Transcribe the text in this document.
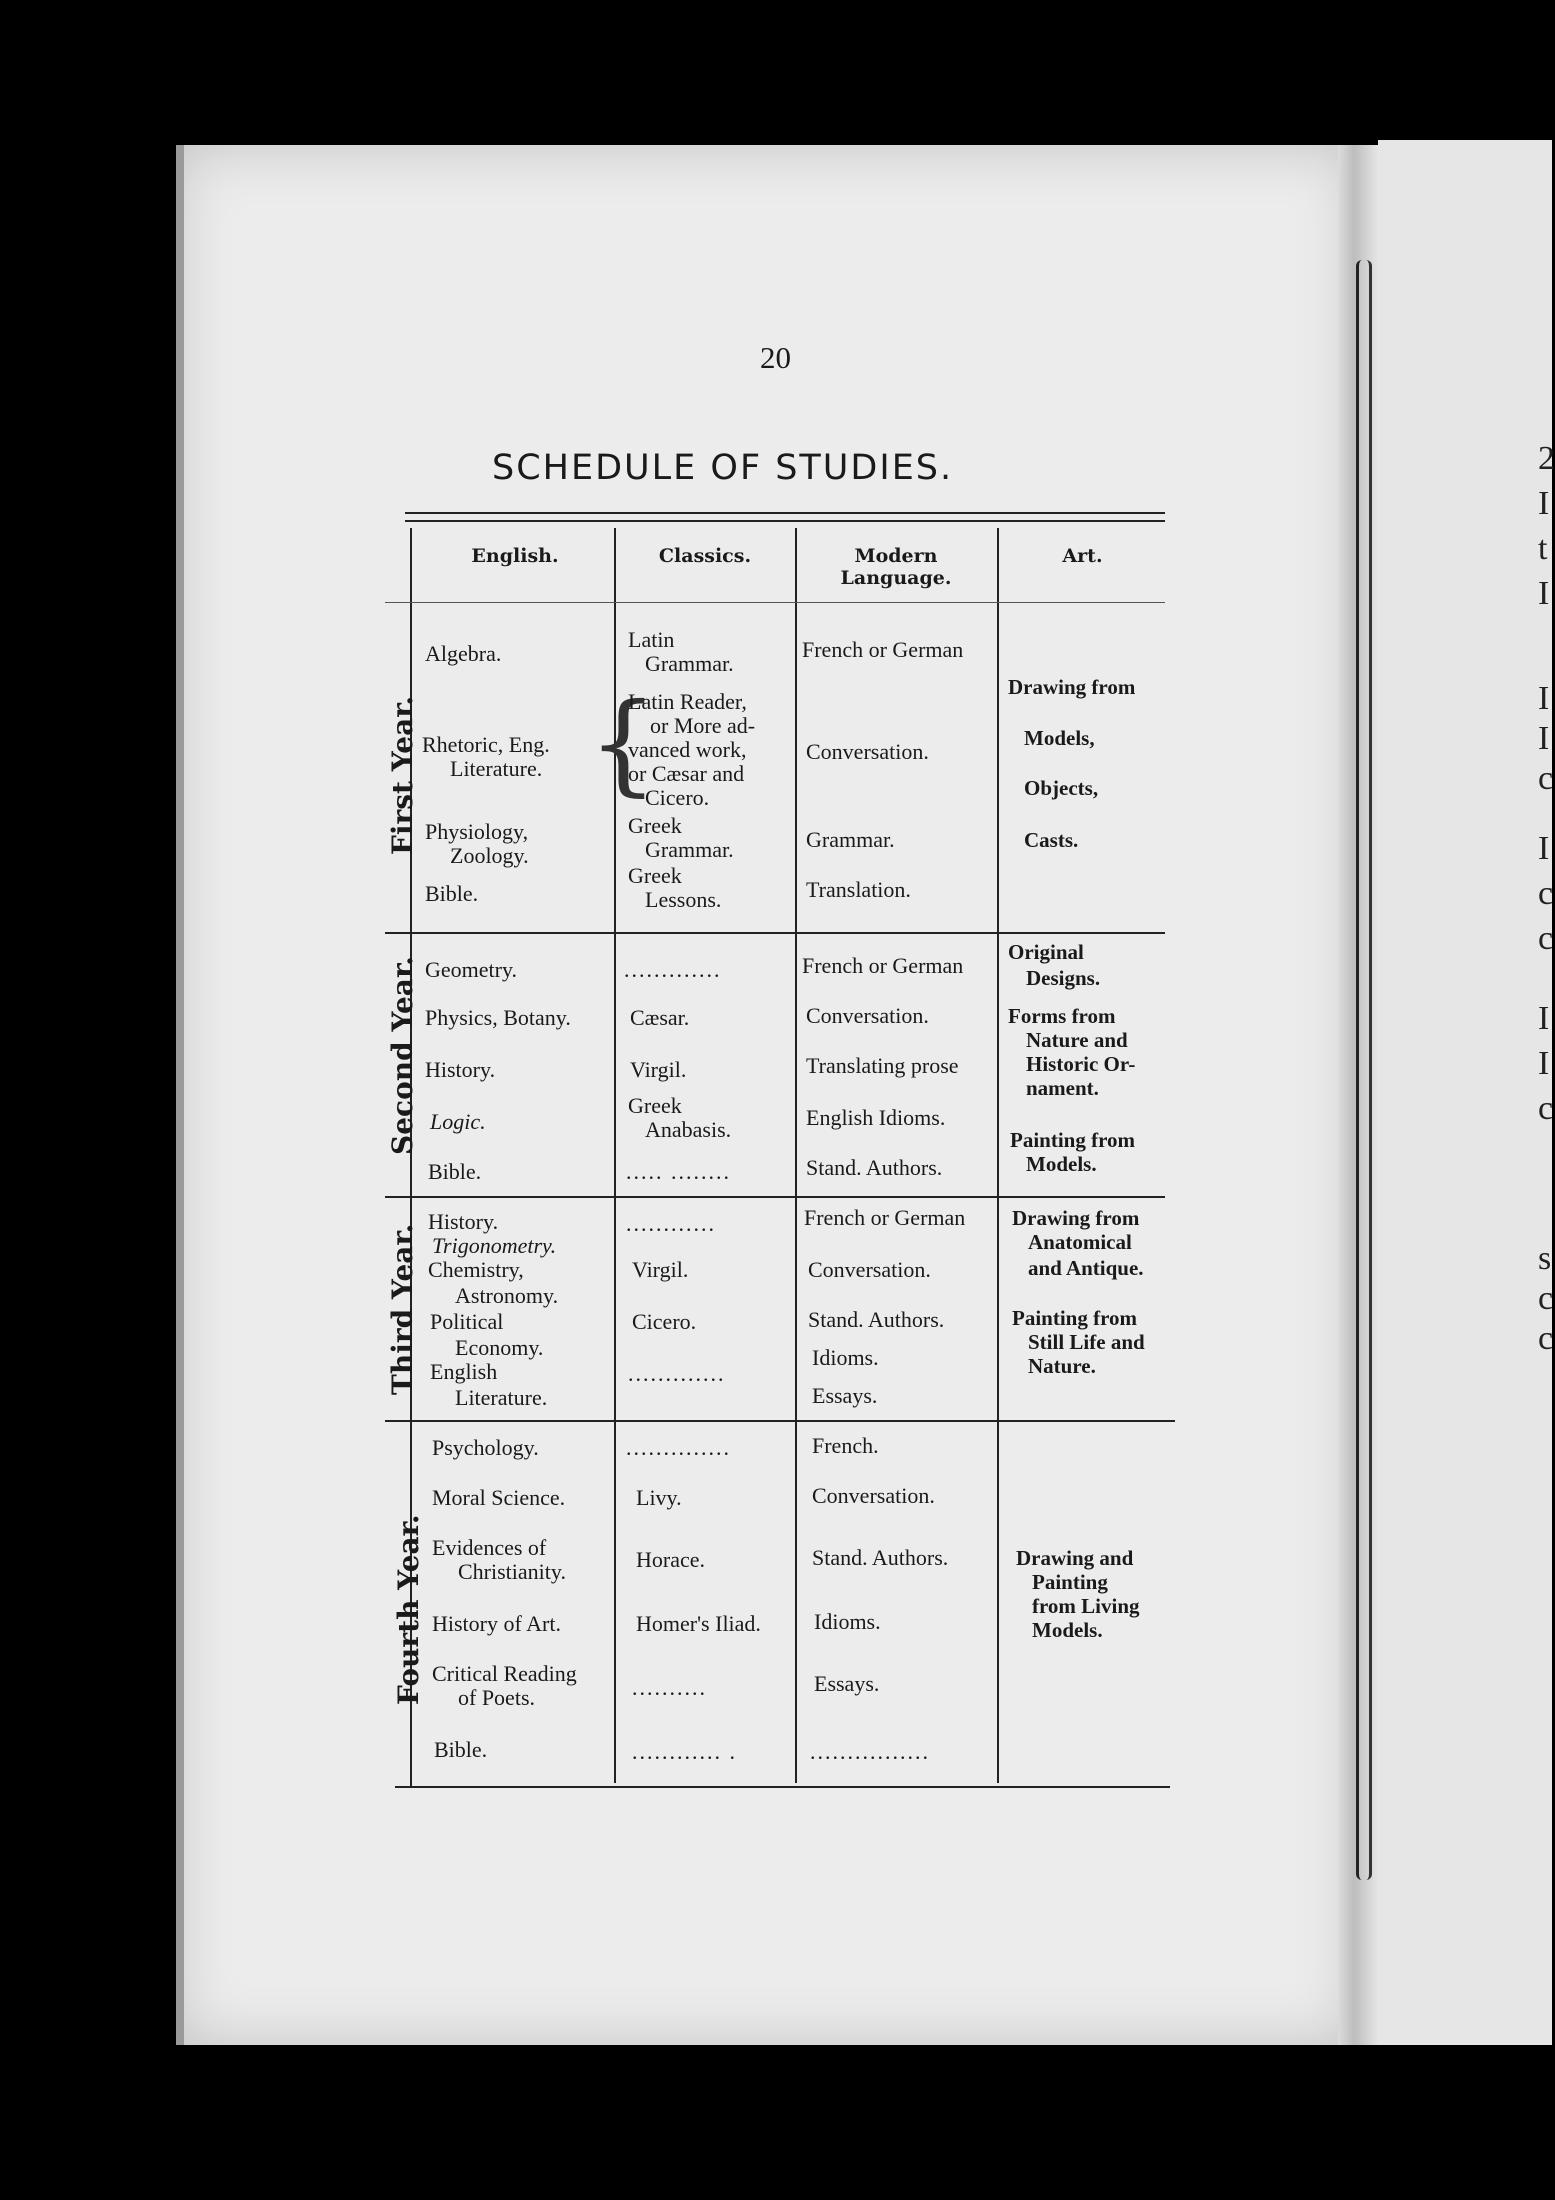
2
I
t
I
I
I
c
I
c
c
I
I
c
s
c
c
20
SCHEDULE OF STUDIES.
English.	Classics.	Modern Language.
Art.
First Year.
Second Year.
Third Year.
Fourth Year.
Algebra.
Rhetoric, Eng.
Literature. {
Physiology,
Zoology.
Bible.
Latin
Grammar.
Latin Reader,
or More ad-
vanced work,
or Cæsar and
Cicero.
Greek
Grammar.
Greek
Lessons.
French or German
Conversation.
Grammar.
Translation.
Drawing from
Models,
Objects,
Casts.
Geometry.
Physics, Botany.
History.
Logic.
Bible.
.............
Cæsar.
Virgil.
Greek
Anabasis.
..... ........
French or German
Conversation.
Translating prose
English Idioms.
Stand. Authors.
Original
Designs.
Forms from
Nature and
Historic Or-
nament.
Painting from
Models.
History.
Trigonometry.
Chemistry,
Astronomy.
Political
Economy.
English
Literature.
............
Virgil.
Cicero.
.............
French or German
Conversation.
Stand. Authors.
Idioms.
Essays.
Drawing from
Anatomical
and Antique.
Painting from
Still Life and
Nature.
Psychology.
Moral Science.
Evidences of
Christianity.
History of Art.
Critical Reading
of Poets.
Bible.
..............
Livy.
Horace.
Homer's Iliad.
..........
............ .
French.
Conversation.
Stand. Authors.
Idioms.
Essays.
................
Drawing and
Painting
from Living
Models.
